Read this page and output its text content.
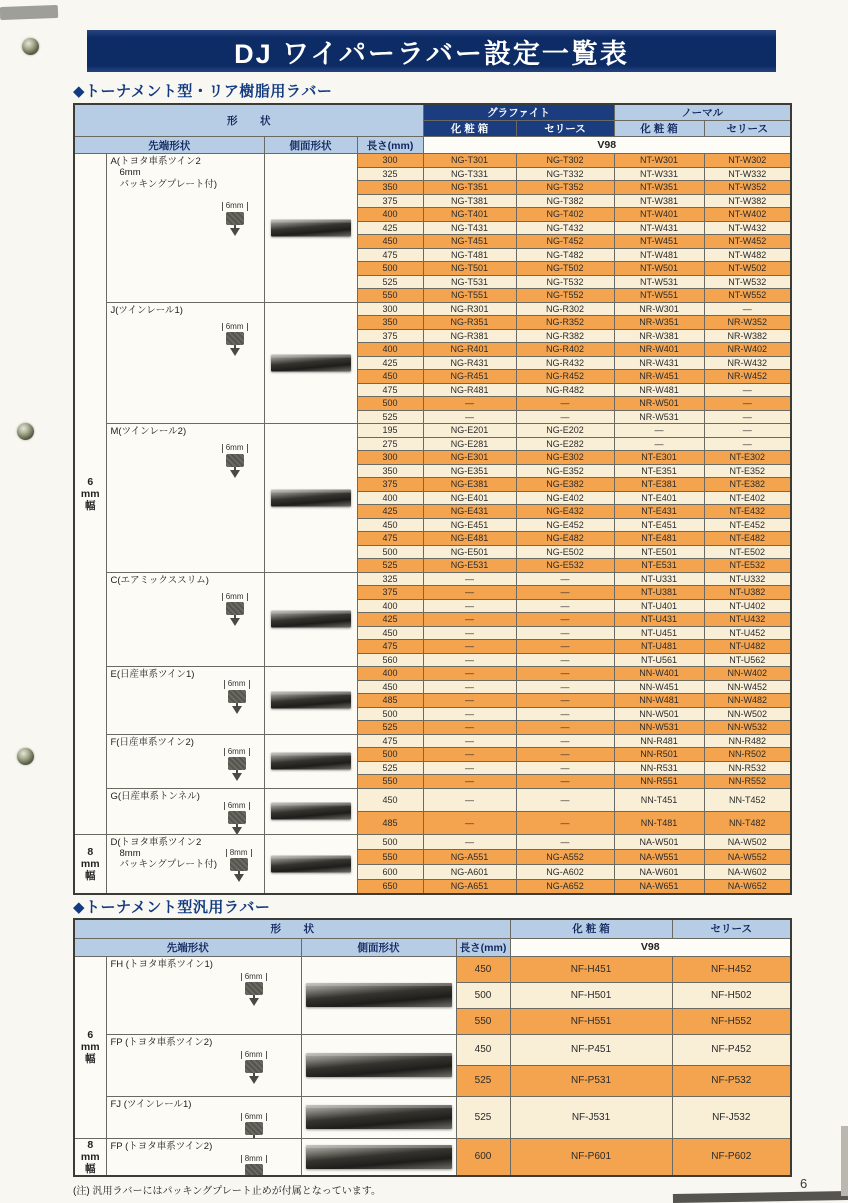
DJ ワイパーラバー設定一覧表
◆トーナメント型・リア樹脂用ラバー
形　状				グラファイト		ノーマル	
				化粧箱	セリース	化粧箱	セリース
先端形状		側面形状	長さ(mm)	V98			

6
mm
幅	A(トヨタ車系ツイン2
6mm
パッキングプレート付)
6mm		300	NG-T301	NG-T302	NT-W301	NT-W302
			325	NG-T331	NG-T332	NT-W331	NT-W332
			350	NG-T351	NG-T352	NT-W351	NT-W352
			375	NG-T381	NG-T382	NT-W381	NT-W382
			400	NG-T401	NG-T402	NT-W401	NT-W402
			425	NG-T431	NG-T432	NT-W431	NT-W432
			450	NG-T451	NG-T452	NT-W451	NT-W452
			475	NG-T481	NG-T482	NT-W481	NT-W482
			500	NG-T501	NG-T502	NT-W501	NT-W502
			525	NG-T531	NG-T532	NT-W531	NT-W532
			550	NG-T551	NG-T552	NT-W551	NT-W552

	J(ツインレール1)
6mm		300	NG-R301	NG-R302	NR-W301	—
			350	NG-R351	NG-R352	NR-W351	NR-W352
			375	NG-R381	NG-R382	NR-W381	NR-W382
			400	NG-R401	NG-R402	NR-W401	NR-W402
			425	NG-R431	NG-R432	NR-W431	NR-W432
			450	NG-R451	NG-R452	NR-W451	NR-W452
			475	NG-R481	NG-R482	NR-W481	—
			500	—	—	NR-W501	—
			525	—	—	NR-W531	—

	M(ツインレール2)
6mm		195	NG-E201	NG-E202	—	—
			275	NG-E281	NG-E282	—	—
			300	NG-E301	NG-E302	NT-E301	NT-E302
			350	NG-E351	NG-E352	NT-E351	NT-E352
			375	NG-E381	NG-E382	NT-E381	NT-E382
			400	NG-E401	NG-E402	NT-E401	NT-E402
			425	NG-E431	NG-E432	NT-E431	NT-E432
			450	NG-E451	NG-E452	NT-E451	NT-E452
			475	NG-E481	NG-E482	NT-E481	NT-E482
			500	NG-E501	NG-E502	NT-E501	NT-E502
			525	NG-E531	NG-E532	NT-E531	NT-E532

	C(エアミックススリム)
6mm		325	—	—	NT-U331	NT-U332
			375	—	—	NT-U381	NT-U382
			400	—	—	NT-U401	NT-U402
			425	—	—	NT-U431	NT-U432
			450	—	—	NT-U451	NT-U452
			475	—	—	NT-U481	NT-U482
			560	—	—	NT-U561	NT-U562

	E(日産車系ツイン1)
6mm		400	—	—	NN-W401	NN-W402
			450	—	—	NN-W451	NN-W452
			485	—	—	NN-W481	NN-W482
			500	—	—	NN-W501	NN-W502
			525	—	—	NN-W531	NN-W532

	F(日産車系ツイン2)
6mm		475	—	—	NN-R481	NN-R482
			500	—	—	NN-R501	NN-R502
			525	—	—	NN-R531	NN-R532
			550	—	—	NN-R551	NN-R552

	G(日産車系トンネル)
6mm		450	—	—	NN-T451	NN-T452
			485	—	—	NN-T481	NN-T482

8
mm
幅	D(トヨタ車系ツイン2
8mm
パッキングプレート付)
8mm		500	—	—	NA-W501	NA-W502
			550	NG-A551	NG-A552	NA-W551	NA-W552
			600	NG-A601	NG-A602	NA-W601	NA-W602
			650	NG-A651	NG-A652	NA-W651	NA-W652
◆トーナメント型汎用ラバー
形　状				化粧箱	セリース
先端形状		側面形状	長さ(mm)	V98	

6
mm
幅	FH (トヨタ車系ツイン1)
6mm		450	NF-H451	NF-H452
			500	NF-H501	NF-H502
			550	NF-H551	NF-H552

	FP (トヨタ車系ツイン2)
6mm		450	NF-P451	NF-P452
			525	NF-P531	NF-P532

	FJ (ツインレール1)
6mm		525	NF-J531	NF-J532

8
mm
幅	FP (トヨタ車系ツイン2)
8mm		600	NF-P601	NF-P602
(注) 汎用ラバーにはパッキングプレート止めが付属となっています。
6
